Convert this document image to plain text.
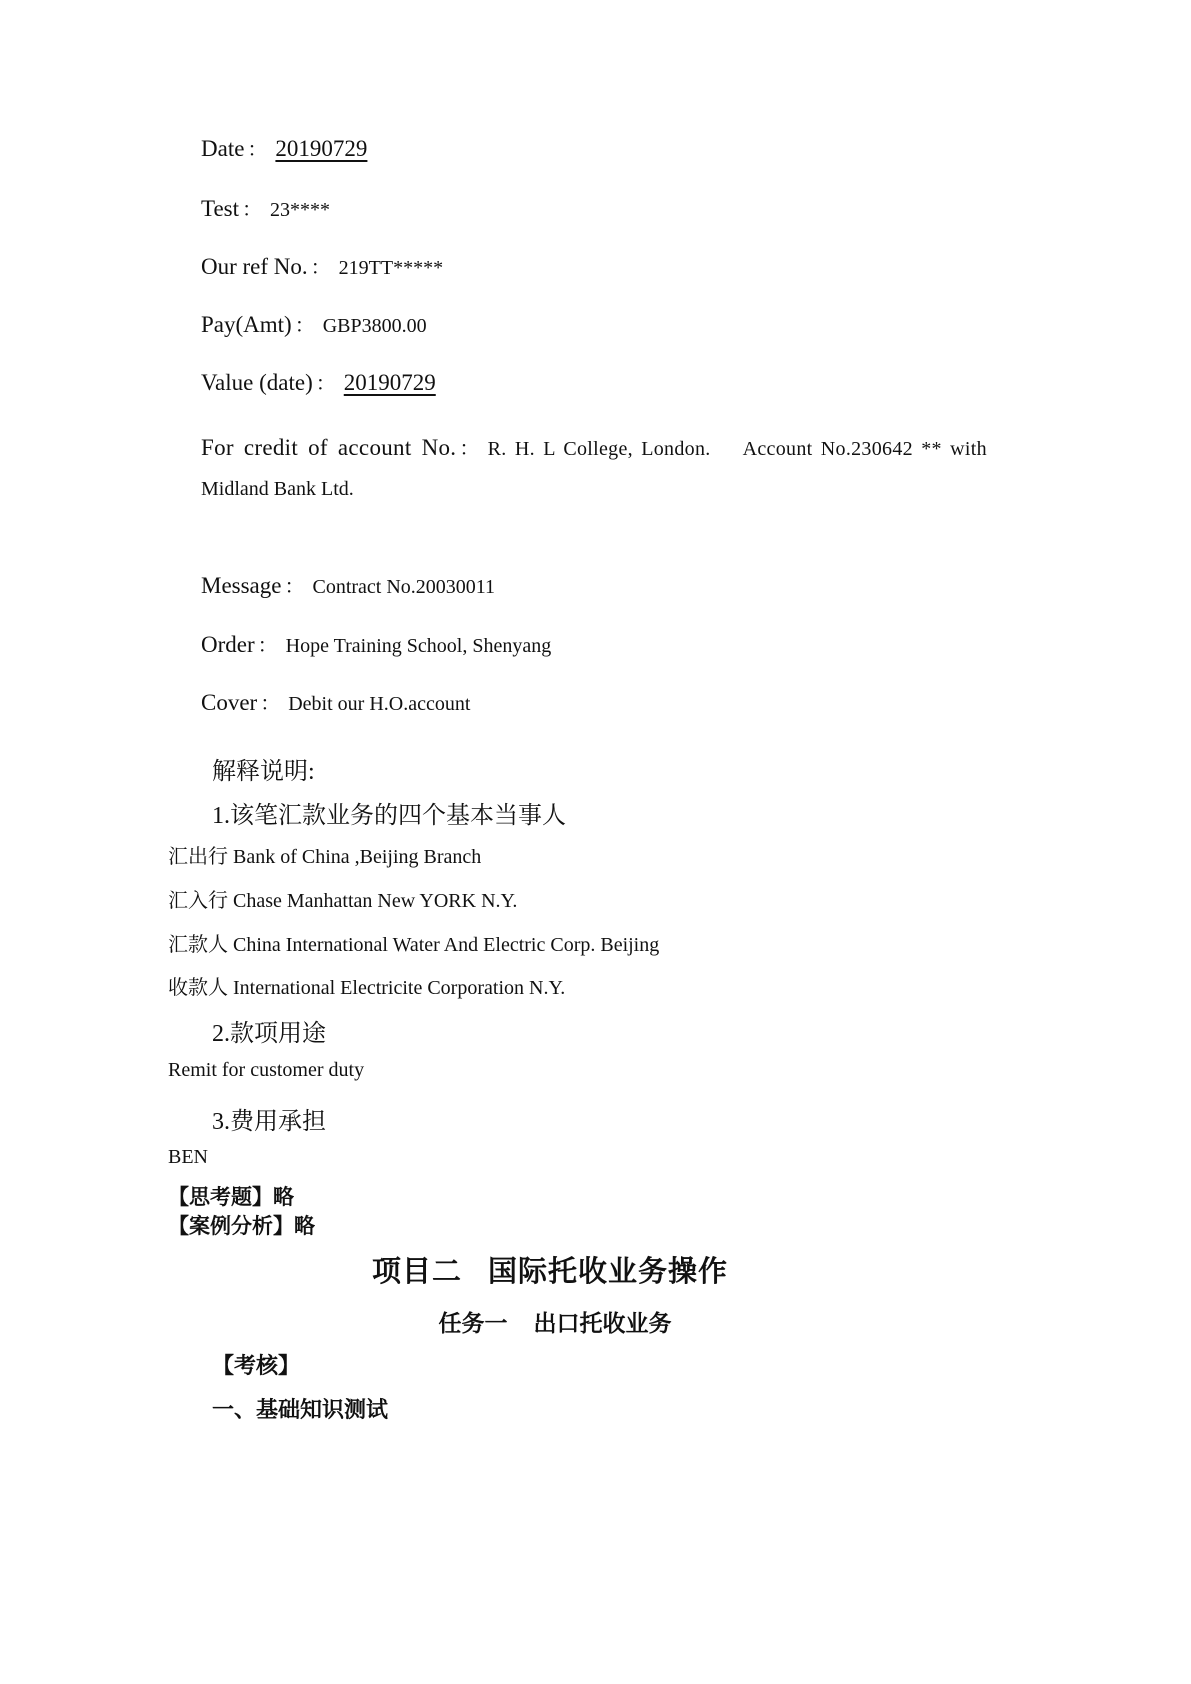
Date ： 20190729
Test ： 23****
Our ref No. ： 219TT*****
Pay(Amt) ： GBP3800.00
Value (date) ： 20190729
For credit of account No. ： R. H. L College, London.    Account No.230642 ** with
Midland Bank Ltd.
Message ： Contract No.20030011
Order ： Hope Training School, Shenyang
Cover ： Debit our H.O.account
解释说明:
1.该笔汇款业务的四个基本当事人
汇出行 Bank of China ,Beijing Branch
汇入行 Chase Manhattan New YORK N.Y.
汇款人 China International Water And Electric Corp. Beijing
收款人 International Electricite Corporation N.Y.
2.款项用途
Remit for customer duty
3.费用承担
BEN
【思考题】略
【案例分析】略
项目二 国际托收业务操作
任务一 出口托收业务
【考核】
一、基础知识测试
